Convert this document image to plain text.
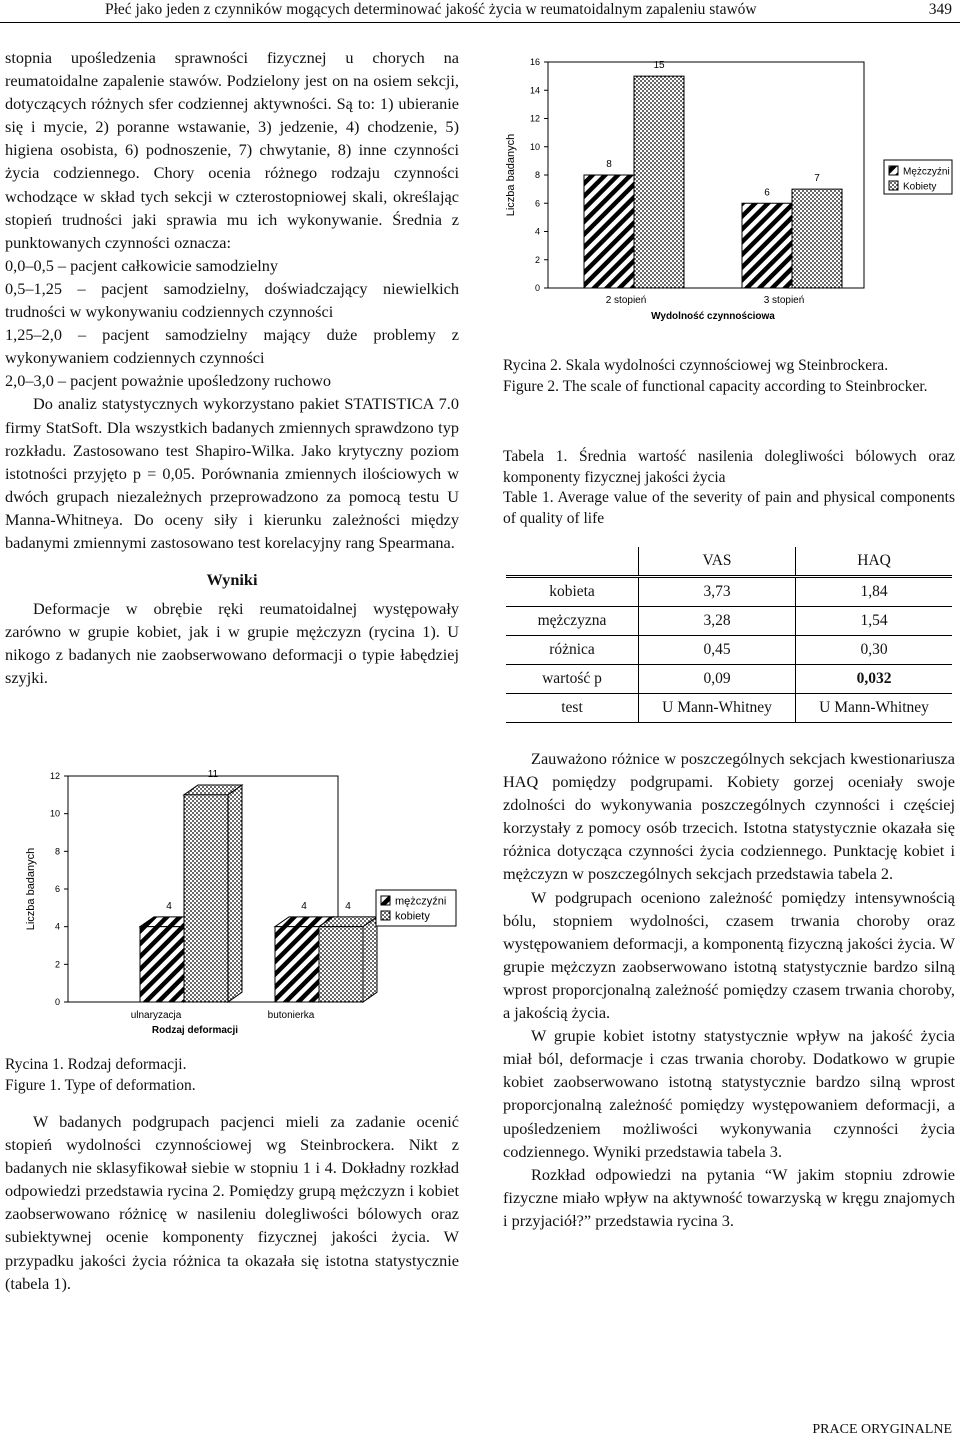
Płeć jako jeden z czynników mogących determinować jakość życia w reumatoidalnym zapaleniu stawów	349

stopnia upośledzenia sprawności fizycznej u chorych na reumatoidalne zapalenie stawów. Podzielony jest on na osiem sekcji, dotyczących różnych sfer codziennej aktywności. Są to: 1) ubieranie się i mycie, 2) poranne wstawanie, 3) jedzenie, 4) chodzenie, 5) higiena osobista, 6) podnoszenie, 7) chwytanie, 8) inne czynności życia codziennego. Chory ocenia różnego rodzaju czynności wchodzące w skład tych sekcji w czterostopniowej skali, określając stopień trudności jaki sprawia mu ich wykonywanie. Średnia z punktowanych czynności oznacza:

0,0–0,5 – pacjent całkowicie samodzielny

0,5–1,25 – pacjent samodzielny, doświadczający niewielkich trudności w wykonywaniu codziennych czynności

1,25–2,0 – pacjent samodzielny mający duże problemy z wykonywaniem codziennych czynności

2,0–3,0 – pacjent poważnie upośledzony ruchowo

Do analiz statystycznych wykorzystano pakiet STATISTICA 7.0 firmy StatSoft. Dla wszystkich badanych zmiennych sprawdzono typ rozkładu. Zastosowano test Shapiro-Wilka. Jako krytyczny poziom istotności przyjęto p = 0,05. Porównania zmiennych ilościowych w dwóch grupach niezależnych przeprowadzono za pomocą testu U Manna-Whitneya. Do oceny siły i kierunku zależności między badanymi zmiennymi zastosowano test korelacyjny rang Spearmana.

Wyniki

Deformacje w obrębie ręki reumatoidalnej występowały zarówno w grupie kobiet, jak i w grupie mężczyzn (rycina 1). U nikogo z badanych nie zaobserwowano deformacji o typie łabędziej szyjki.

0
2
4
6
8
10
12
Liczba badanych	4
11
ulnaryzacja
4	4
butonierka
Rodzaj deformacji
mężczyźni
kobiety
Rycina 1. Rodzaj deformacji.
Figure 1. Type of deformation.

W badanych podgrupach pacjenci mieli za zadanie ocenić stopień wydolności czynnościowej wg Steinbrockera. Nikt z badanych nie sklasyfikował siebie w stopniu 1 i 4. Dokładny rozkład odpowiedzi przedstawia rycina 2. Pomiędzy grupą mężczyzn i kobiet zaobserwowano różnicę w nasileniu dolegliwości bólowych oraz subiektywnej ocenie komponenty fizycznej jakości życia. W przypadku jakości życia różnica ta okazała się istotna statystycznie (tabela 1).

0
2
4
6
8
10
12
14
16
Liczba badanych	8
15
2 stopień
6
7
3 stopień
Wydolność czynnościowa
Mężczyźni
Kobiety
Rycina 2. Skala wydolności czynnościowej wg Steinbrockera.
Figure 2. The scale of functional capacity according to Steinbrocker.
Tabela 1. Średnia wartość nasilenia dolegliwości bólowych oraz komponenty fizycznej jakości życia
Table 1. Average value of the severity of pain and physical components of quality of life
	VAS	HAQ
kobieta	3,73	1,84
mężczyzna	3,28	1,54
różnica	0,45	0,30
wartość p	0,09	0,032
test	U Mann-Whitney	U Mann-Whitney

Zauważono różnice w poszczególnych sekcjach kwestionariusza HAQ pomiędzy podgrupami. Kobiety gorzej oceniały swoje zdolności do wykonywania poszczególnych czynności i częściej korzystały z pomocy osób trzecich. Istotna statystycznie okazała się różnica dotycząca czynności życia codziennego. Punktację kobiet i mężczyzn w poszczególnych sekcjach przedstawia tabela 2.

W podgrupach oceniono zależność pomiędzy intensywnością bólu, stopniem wydolności, czasem trwania choroby oraz występowaniem deformacji, a komponentą fizyczną jakości życia. W grupie mężczyzn zaobserwowano istotną statystycznie bardzo silną wprost proporcjonalną zależność pomiędzy czasem trwania choroby, a jakością życia.

W grupie kobiet istotny statystycznie wpływ na jakość życia miał ból, deformacje i czas trwania choroby. Dodatkowo w grupie kobiet zaobserwowano istotną statystycznie bardzo silną wprost proporcjonalną zależność pomiędzy występowaniem deformacji, a upośledzeniem możliwości wykonywania czynności życia codziennego. Wyniki przedstawia tabela 3.

Rozkład odpowiedzi na pytania “W jakim stopniu zdrowie fizyczne miało wpływ na aktywność towarzyską w kręgu znajomych i przyjaciół?” przedstawia rycina 3.

PRACE ORYGINALNE
